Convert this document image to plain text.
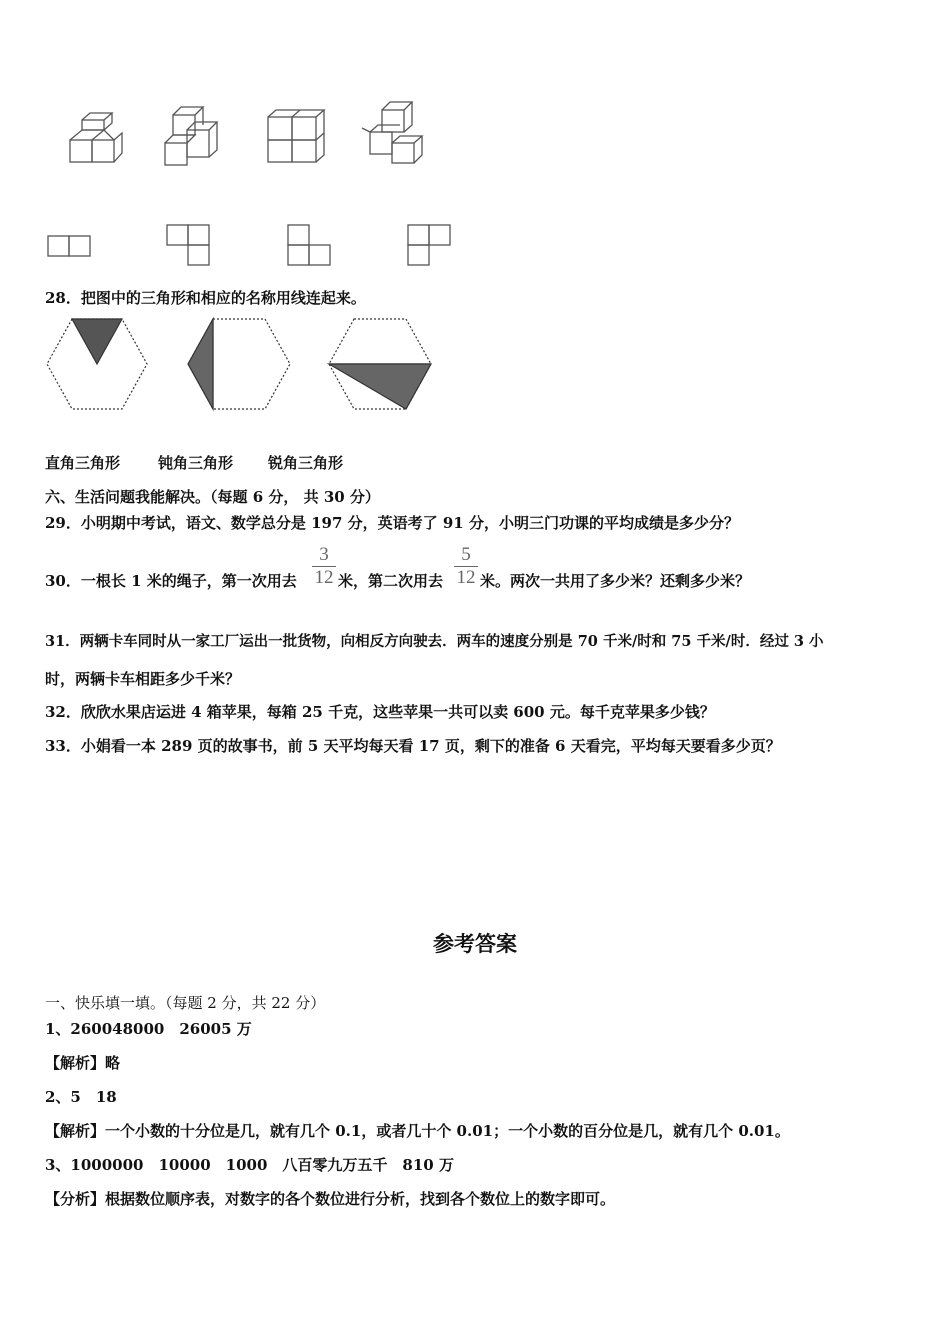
28．把图中的三角形和相应的名称用线连起来。
直角三角形	钝角三角形 锐角三角形
六、生活问题我能解决。（每题 6 分， 共 30 分）
29．小明期中考试，语文、数学总分是 197 分，英语考了 91 分，小明三门功课的平均成绩是多少分？
30．一根长 1 米的绳子，第一次用去
3
12 米，第二次用去
5
12 米。两次一共用了多少米？还剩多少米？
31．两辆卡车同时从一家工厂运出一批货物，向相反方向驶去．两车的速度分别是 70 千米/时和 75 千米/时．经过 3 小
时，两辆卡车相距多少千米？
32．欣欣水果店运进 4 箱苹果，每箱 25 千克，这些苹果一共可以卖 600 元。每千克苹果多少钱？
33．小娟看一本 289 页的故事书，前 5 天平均每天看 17 页，剩下的准备 6 天看完，平均每天要看多少页？
参考答案
一、快乐填一填。（每题 2 分，共 22 分）
1、260048000　26005 万
【解析】略
2、5　18
【解析】一个小数的十分位是几，就有几个 0.1，或者几十个 0.01；一个小数的百分位是几，就有几个 0.01。
3、1000000　10000　1000　八百零九万五千　810 万
【分析】根据数位顺序表，对数字的各个数位进行分析，找到各个数位上的数字即可。
